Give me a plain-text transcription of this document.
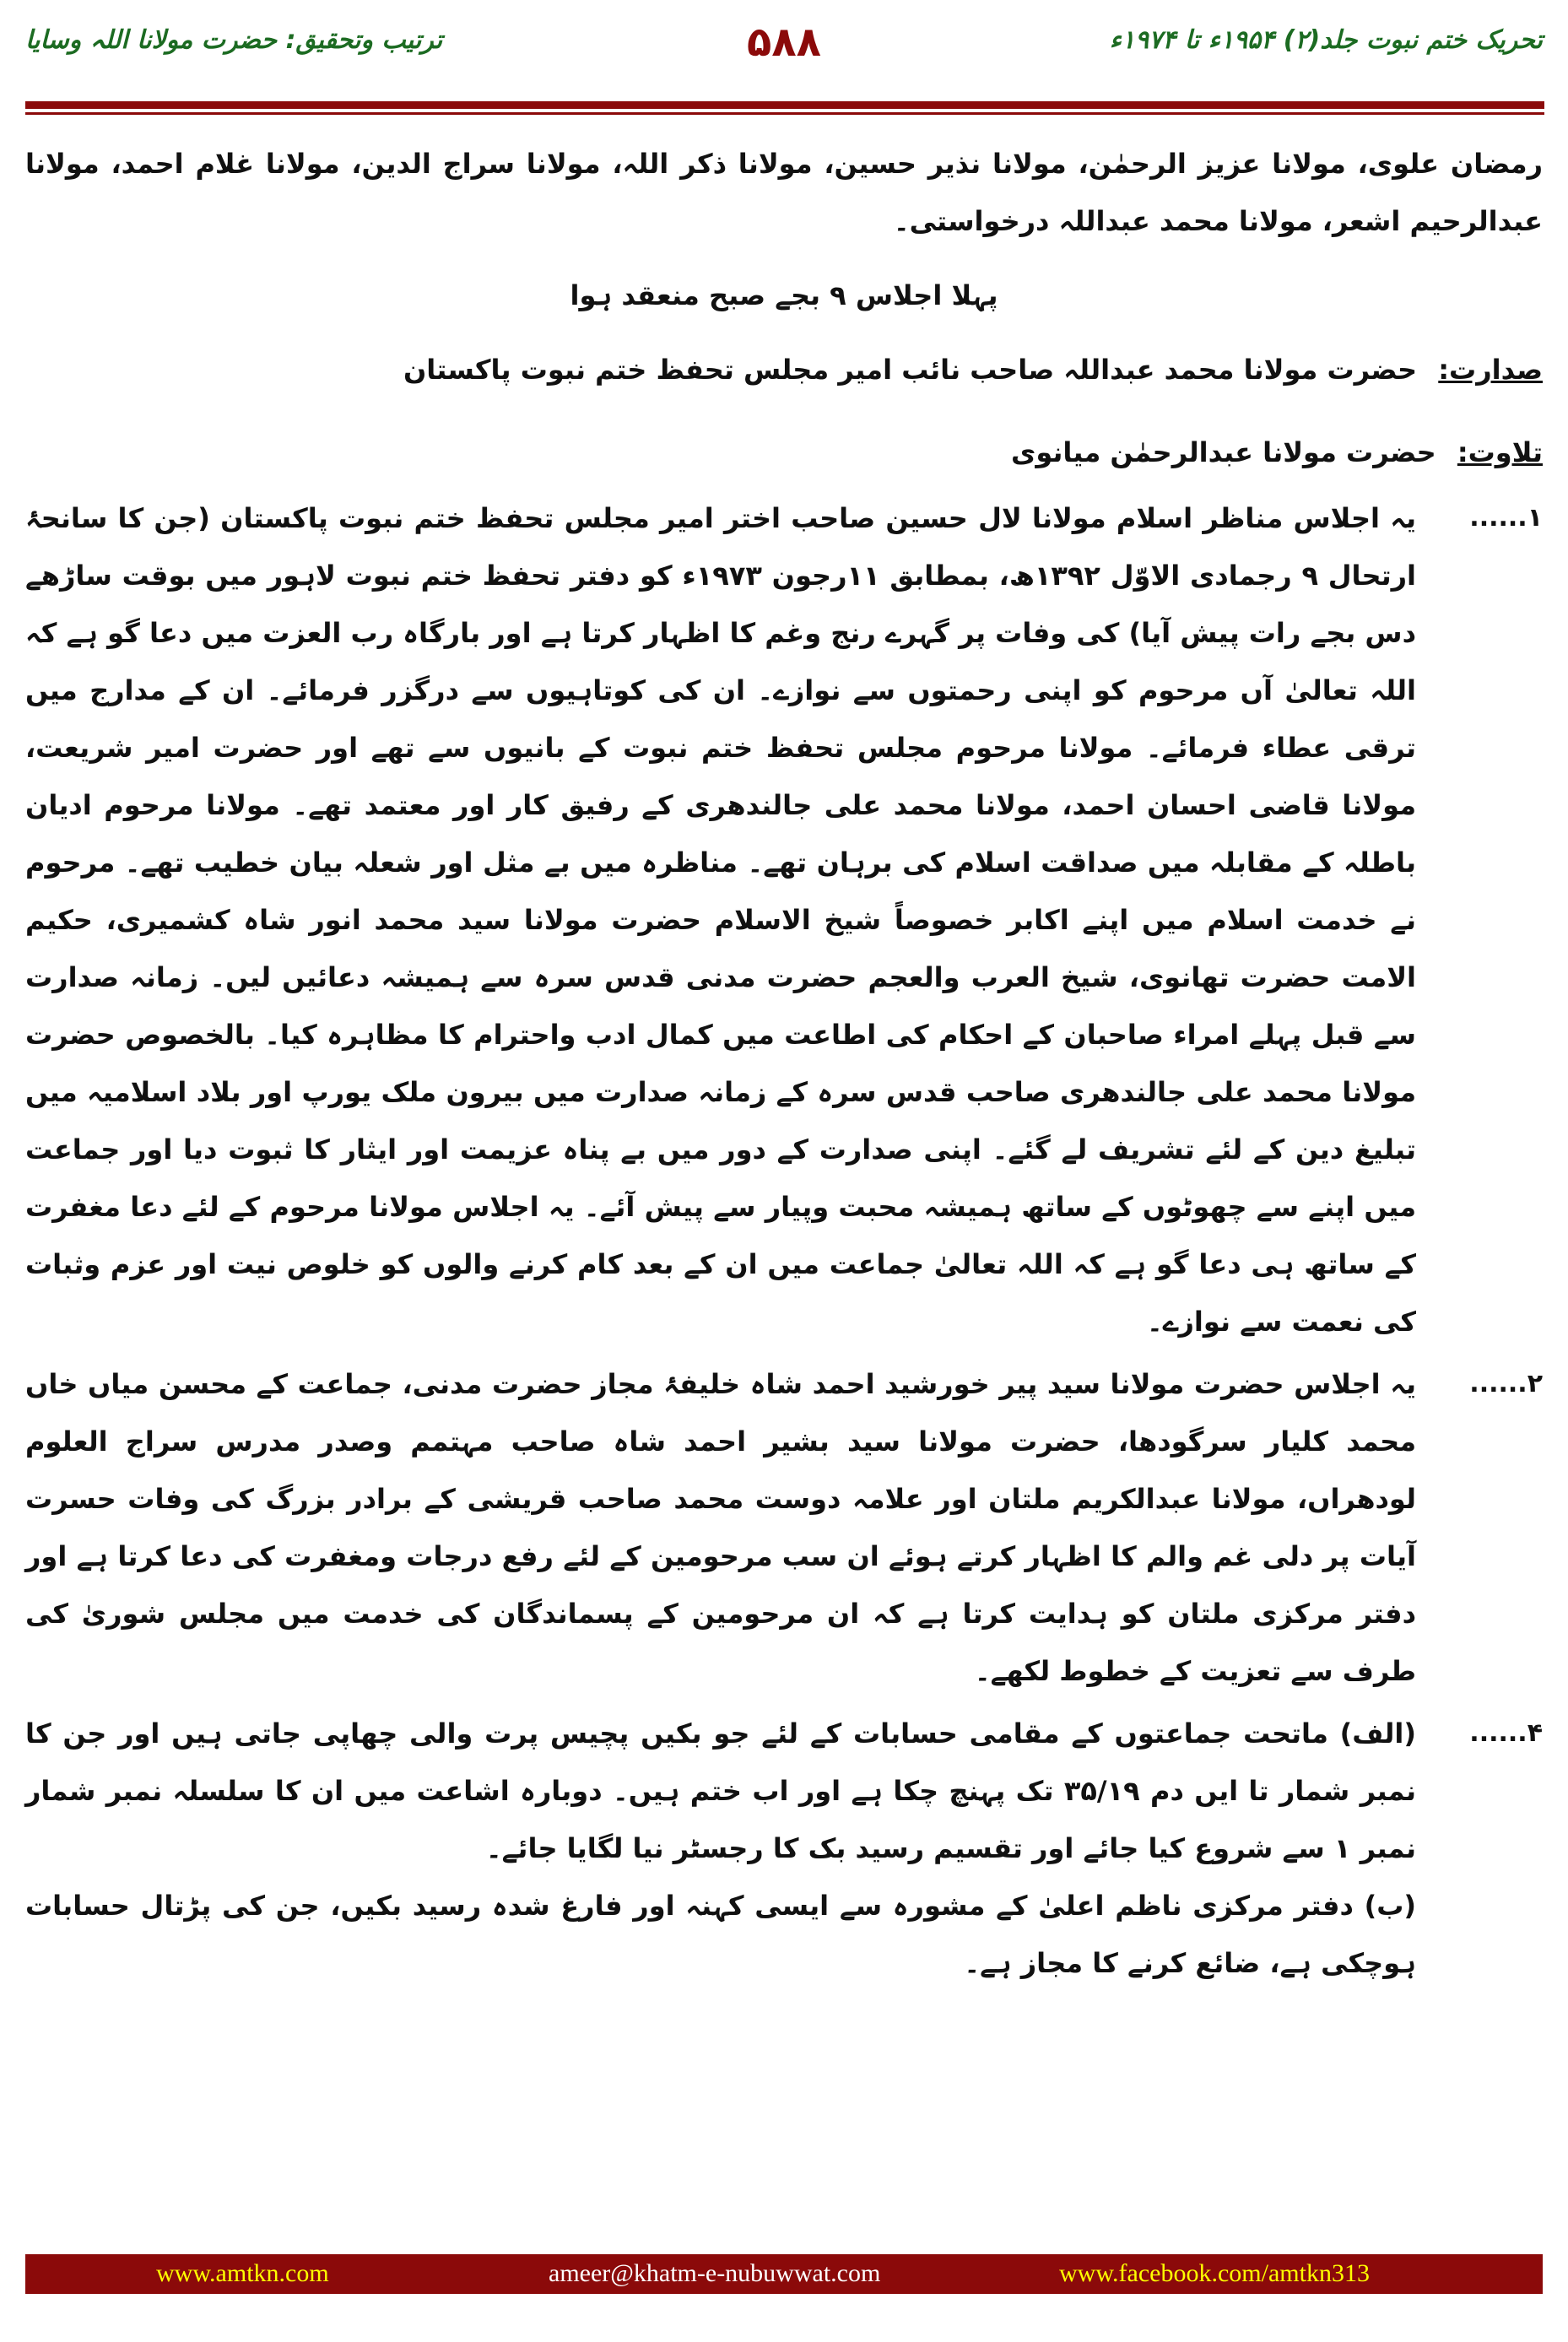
تحریک ختم نبوت جلد(۲) ۱۹۵۴ء تا ۱۹۷۴ء
۵۸۸
ترتیب وتحقیق: حضرت مولانا اللہ وسایا
رمضان علوی، مولانا عزیز الرحمٰن، مولانا نذیر حسین، مولانا ذکر اللہ، مولانا سراج الدین، مولانا غلام احمد، مولانا عبدالرحیم اشعر، مولانا محمد عبداللہ درخواستی۔
پہلا اجلاس ۹ بجے صبح منعقد ہوا
صدارت: حضرت مولانا محمد عبداللہ صاحب نائب امیر مجلس تحفظ ختم نبوت پاکستان
تلاوت: حضرت مولانا عبدالرحمٰن میانوی
۱......
یہ اجلاس مناظر اسلام مولانا لال حسین صاحب اختر امیر مجلس تحفظ ختم نبوت پاکستان (جن کا سانحۂ ارتحال ۹ رجمادی الاوّل ۱۳۹۲ھ، بمطابق ۱۱رجون ۱۹۷۳ء کو دفتر تحفظ ختم نبوت لاہور میں بوقت ساڑھے دس بجے رات پیش آیا) کی وفات پر گہرے رنج وغم کا اظہار کرتا ہے اور بارگاہ رب العزت میں دعا گو ہے کہ اللہ تعالیٰ آں مرحوم کو اپنی رحمتوں سے نوازے۔ ان کی کوتاہیوں سے درگزر فرمائے۔ ان کے مدارج میں ترقی عطاء فرمائے۔ مولانا مرحوم مجلس تحفظ ختم نبوت کے بانیوں سے تھے اور حضرت امیر شریعت، مولانا قاضی احسان احمد، مولانا محمد علی جالندھری کے رفیق کار اور معتمد تھے۔ مولانا مرحوم ادیان باطلہ کے مقابلہ میں صداقت اسلام کی برہان تھے۔ مناظرہ میں بے مثل اور شعلہ بیان خطیب تھے۔ مرحوم نے خدمت اسلام میں اپنے اکابر خصوصاً شیخ الاسلام حضرت مولانا سید محمد انور شاہ کشمیری، حکیم الامت حضرت تھانوی، شیخ العرب والعجم حضرت مدنی قدس سرہ سے ہمیشہ دعائیں لیں۔ زمانہ صدارت سے قبل پہلے امراء صاحبان کے احکام کی اطاعت میں کمال ادب واحترام کا مظاہرہ کیا۔ بالخصوص حضرت مولانا محمد علی جالندھری صاحب قدس سرہ کے زمانہ صدارت میں بیرون ملک یورپ اور بلاد اسلامیہ میں تبلیغ دین کے لئے تشریف لے گئے۔ اپنی صدارت کے دور میں بے پناہ عزیمت اور ایثار کا ثبوت دیا اور جماعت میں اپنے سے چھوٹوں کے ساتھ ہمیشہ محبت وپیار سے پیش آئے۔ یہ اجلاس مولانا مرحوم کے لئے دعا مغفرت کے ساتھ ہی دعا گو ہے کہ اللہ تعالیٰ جماعت میں ان کے بعد کام کرنے والوں کو خلوص نیت اور عزم وثبات کی نعمت سے نوازے۔
۲......
یہ اجلاس حضرت مولانا سید پیر خورشید احمد شاہ خلیفۂ مجاز حضرت مدنی، جماعت کے محسن میاں خاں محمد کلیار سرگودھا، حضرت مولانا سید بشیر احمد شاہ صاحب مہتمم وصدر مدرس سراج العلوم لودھراں، مولانا عبدالکریم ملتان اور علامہ دوست محمد صاحب قریشی کے برادر بزرگ کی وفات حسرت آیات پر دلی غم والم کا اظہار کرتے ہوئے ان سب مرحومین کے لئے رفع درجات ومغفرت کی دعا کرتا ہے اور دفتر مرکزی ملتان کو ہدایت کرتا ہے کہ ان مرحومین کے پسماندگان کی خدمت میں مجلس شوریٰ کی طرف سے تعزیت کے خطوط لکھے۔
۴......
(الف) ماتحت جماعتوں کے مقامی حسابات کے لئے جو بکیں پچیس پرت والی چھاپی جاتی ہیں اور جن کا نمبر شمار تا ایں دم ۳۵/۱۹ تک پہنچ چکا ہے اور اب ختم ہیں۔ دوبارہ اشاعت میں ان کا سلسلہ نمبر شمار نمبر ۱ سے شروع کیا جائے اور تقسیم رسید بک کا رجسٹر نیا لگایا جائے۔
(ب) دفتر مرکزی ناظم اعلیٰ کے مشورہ سے ایسی کہنہ اور فارغ شدہ رسید بکیں، جن کی پڑتال حسابات ہوچکی ہے، ضائع کرنے کا مجاز ہے۔
www.amtkn.com	ameer@khatm-e-nubuwwat.com	www.facebook.com/amtkn313
